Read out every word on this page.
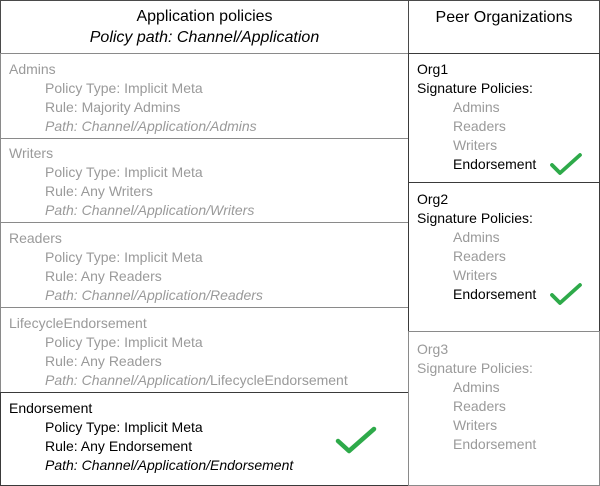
Application policies
Policy path: Channel/Application
Peer Organizations
Admins
Policy Type: Implicit Meta
Rule: Majority Admins
Path: Channel/Application/Admins
Writers
Policy Type: Implicit Meta
Rule: Any Writers
Path: Channel/Application/Writers
Readers
Policy Type: Implicit Meta
Rule: Any Readers
Path: Channel/Application/Readers
LifecycleEndorsement
Policy Type: Implicit Meta
Rule: Any Readers
Path: Channel/Application/LifecycleEndorsement
Endorsement
Policy Type: Implicit Meta
Rule: Any Endorsement
Path: Channel/Application/Endorsement
Org1
Signature Policies:
Admins
Readers
Writers
Endorsement
Org2
Signature Policies:
Admins
Readers
Writers
Endorsement
Org3
Signature Policies:
Admins
Readers
Writers
Endorsement
